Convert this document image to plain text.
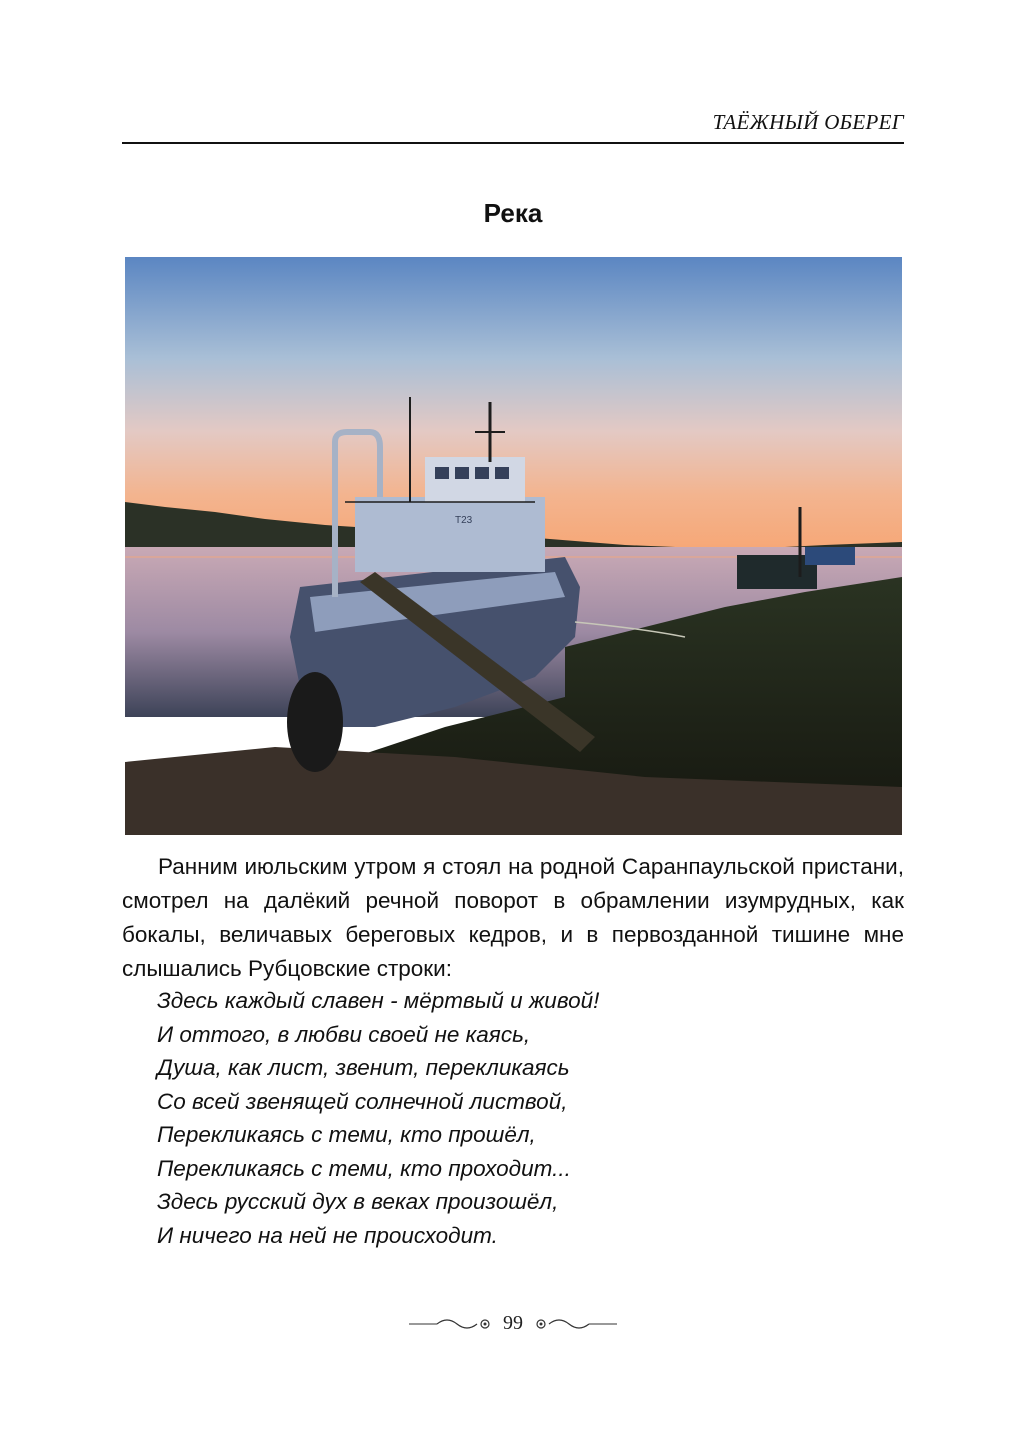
ТАЁЖНЫЙ ОБЕРЕГ
Река
Т23
Ранним июльским утром я стоял на родной Саранпаульской пристани, смотрел на далёкий речной поворот в обрамлении изумрудных, как бокалы, величавых береговых кедров, и в первозданной тишине мне слышались Рубцовские строки:
Здесь каждый славен - мёртвый и живой!
И оттого, в любви своей не каясь,
Душа, как лист, звенит, перекликаясь
Со всей звенящей солнечной листвой,
Перекликаясь с теми, кто прошёл,
Перекликаясь с теми, кто проходит...
Здесь русский дух в веках произошёл,
И ничего на ней не происходит.
99
